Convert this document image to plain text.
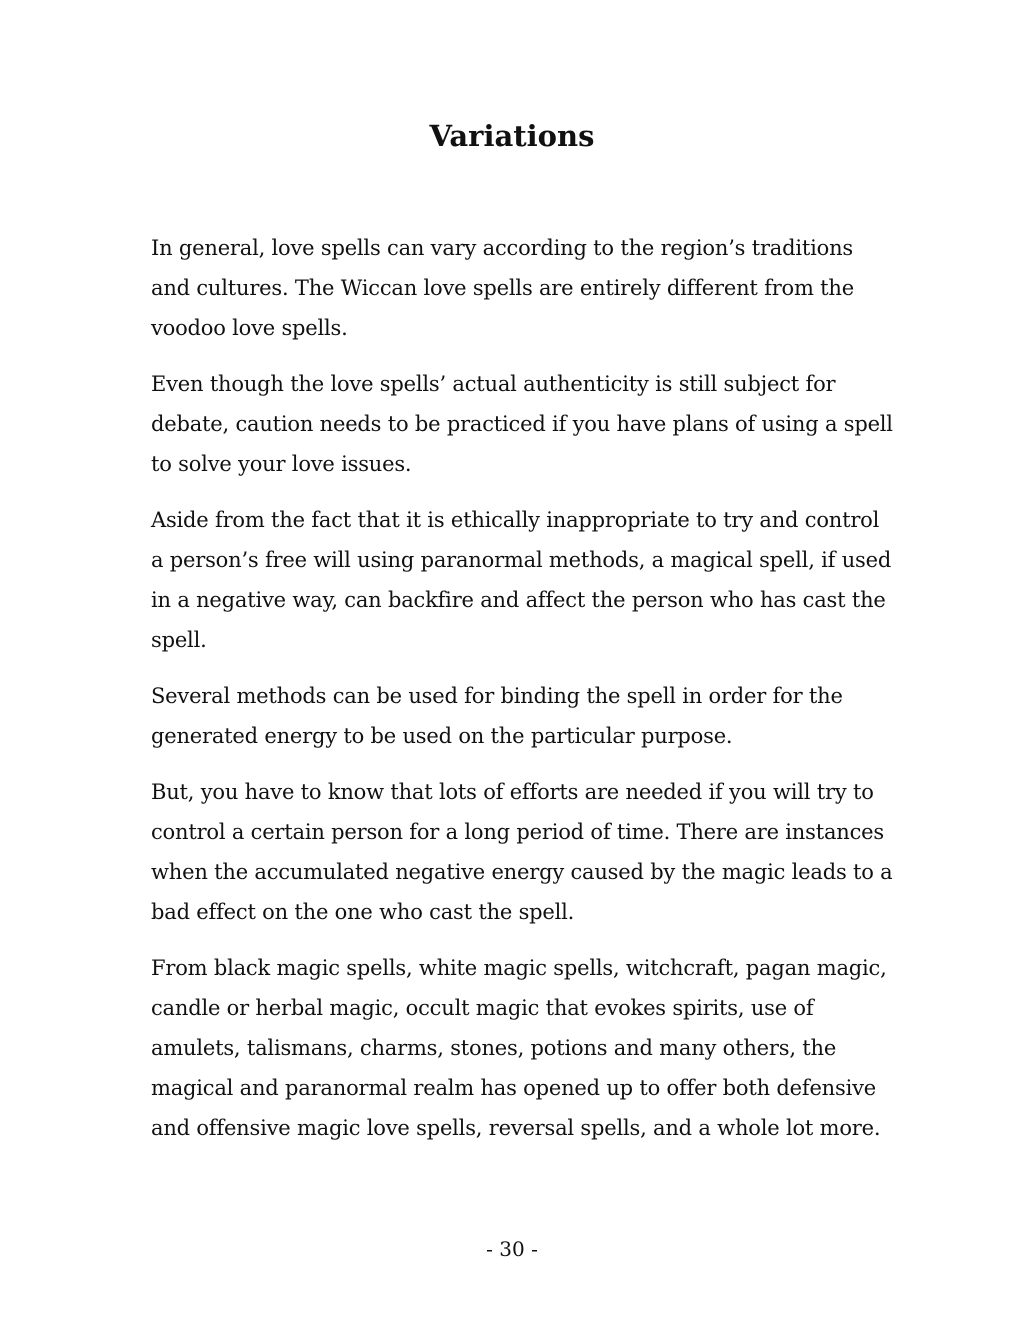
Variations

In general, love spells can vary according to the region’s traditions
and cultures. The Wiccan love spells are entirely different from the
voodoo love spells.

Even though the love spells’ actual authenticity is still subject for
debate, caution needs to be practiced if you have plans of using a spell
to solve your love issues.

Aside from the fact that it is ethically inappropriate to try and control
a person’s free will using paranormal methods, a magical spell, if used
in a negative way, can backfire and affect the person who has cast the
spell.

Several methods can be used for binding the spell in order for the
generated energy to be used on the particular purpose.

But, you have to know that lots of efforts are needed if you will try to
control a certain person for a long period of time. There are instances
when the accumulated negative energy caused by the magic leads to a
bad effect on the one who cast the spell.

From black magic spells, white magic spells, witchcraft, pagan magic,
candle or herbal magic, occult magic that evokes spirits, use of
amulets, talismans, charms, stones, potions and many others, the
magical and paranormal realm has opened up to offer both defensive
and offensive magic love spells, reversal spells, and a whole lot more.

- 30 -
